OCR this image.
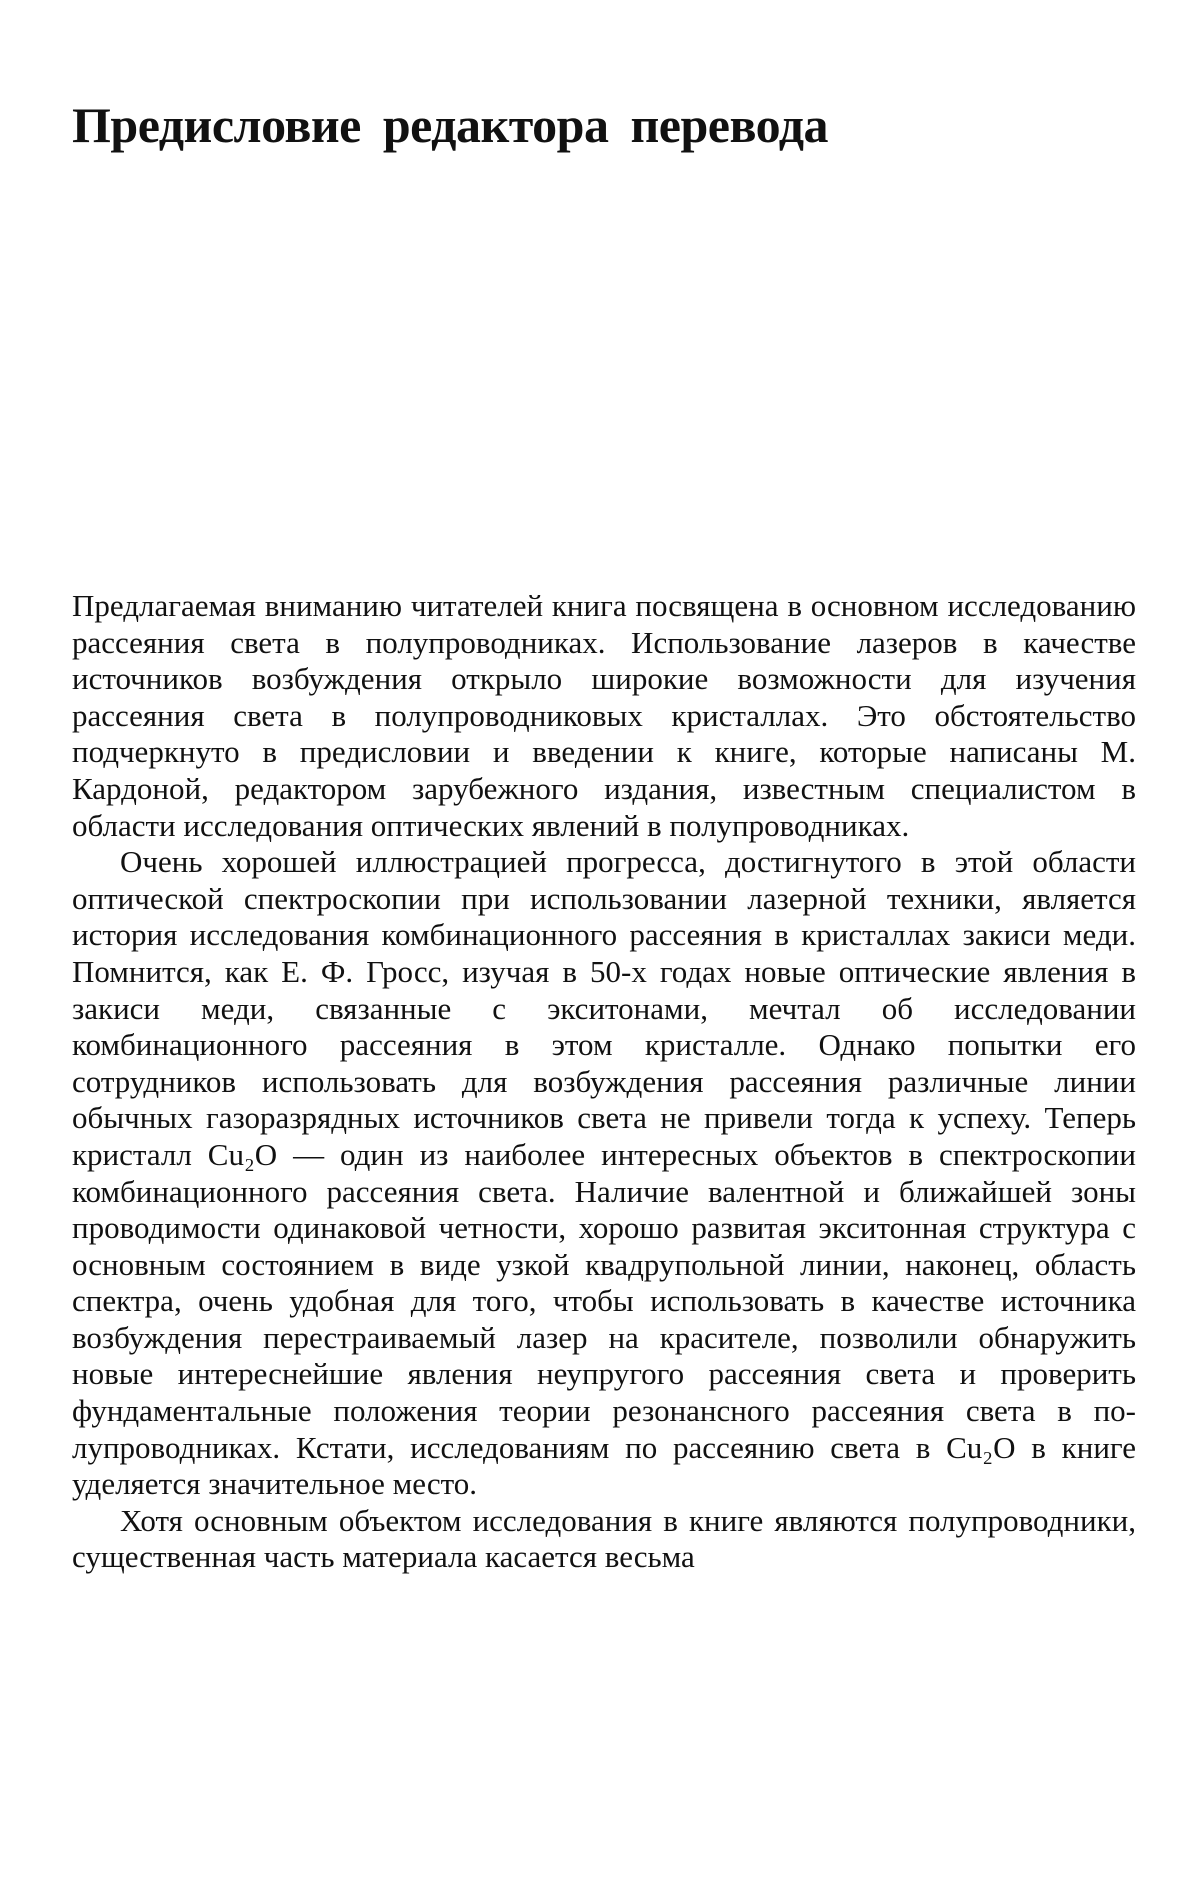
Предисловие редактора перевода

Предлагаемая вниманию читателей книга посвящена в основном исследованию рассеяния света в полупроводниках. Использование лазеров в качестве источников возбуждения открыло широкие возможности для изучения рассеяния света в полупроводниковых кристаллах. Это обстоятельство подчеркнуто в предисловии и введении к книге, которые написаны М. Кардоной, редактором зарубежного издания, известным специалистом в области исследования оптических явлений в полупроводниках.

Очень хорошей иллюстрацией прогресса, достигнутого в этой области оптической спектроскопии при использовании лазерной техники, является история исследования комбинационного рассеяния в кристаллах закиси меди. Помнится, как Е. Ф. Гросс, изучая в 50-х годах новые оптические явления в закиси меди, связанные с экситонами, мечтал об исследовании комбинационного рассеяния в этом кристалле. Однако попытки его сотрудников использовать для возбуждения рассеяния различные линии обычных газоразрядных источников света не привели тогда к успеху. Теперь кристалл Cu₂O — один из наиболее интересных объектов в спектроскопии комбинационного рассеяния света. Наличие валентной и ближайшей зоны проводимости одинаковой четности, хорошо развитая экситонная структура с основным состоянием в виде узкой квадрупольной линии, наконец, область спектра, очень удобная для того, чтобы использовать в качестве источника возбуждения перестраиваемый лазер на красителе, позволили обнаружить новые интереснейшие явления неупругого рассеяния света и проверить фундаментальные положения теории резонансного рассеяния света в полупроводниках. Кстати, исследованиям по рассеянию света в Cu₂O в книге уделяется значительное место.

Хотя основным объектом исследования в книге являются полупроводники, существенная часть материала касается весьма
